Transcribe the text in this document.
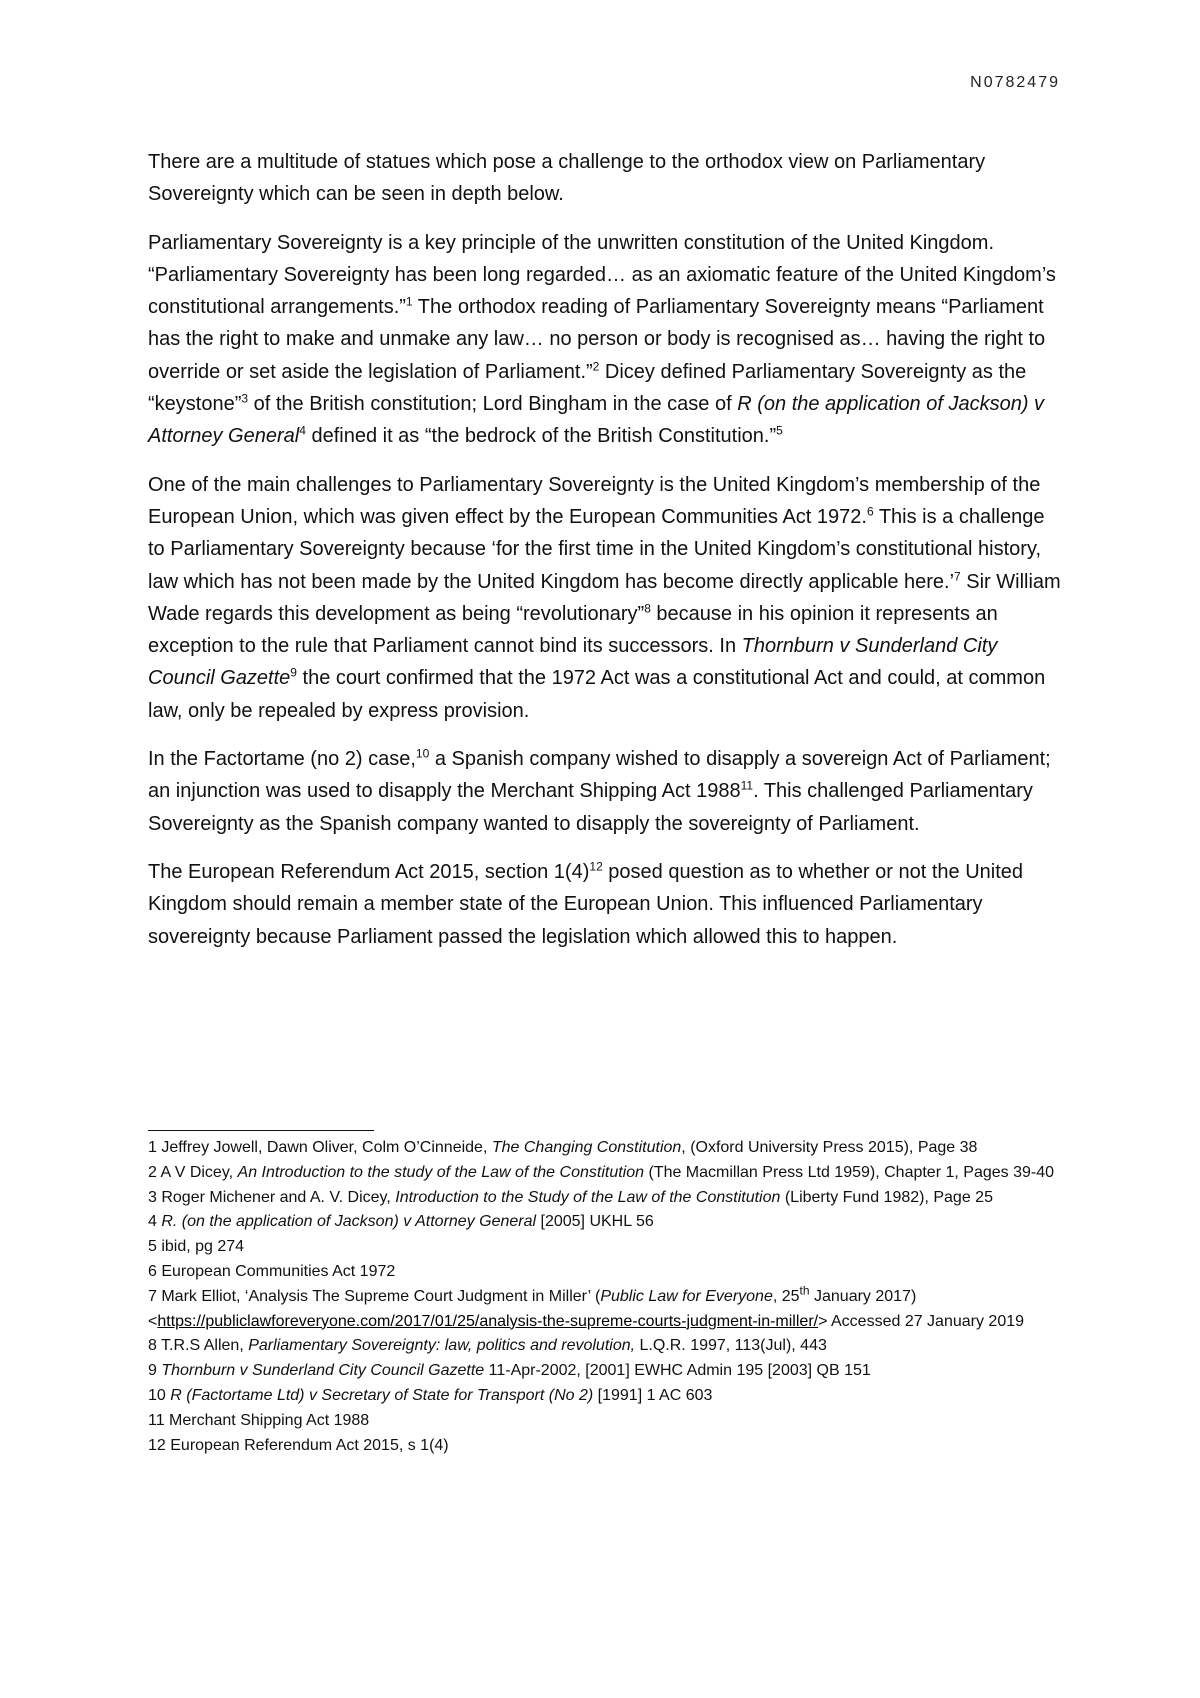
N0782479

There are a multitude of statues which pose a challenge to the orthodox view on Parliamentary Sovereignty which can be seen in depth below.

Parliamentary Sovereignty is a key principle of the unwritten constitution of the United Kingdom. “Parliamentary Sovereignty has been long regarded… as an axiomatic feature of the United Kingdom’s constitutional arrangements.”$^1$ The orthodox reading of Parliamentary Sovereignty means “Parliament has the right to make and unmake any law… no person or body is recognised as… having the right to override or set aside the legislation of Parliament.”$^2$ Dicey defined Parliamentary Sovereignty as the “keystone”$^3$ of the British constitution; Lord Bingham in the case of R (on the application of Jackson) v Attorney General$^4$ defined it as “the bedrock of the British Constitution.”$^5$

One of the main challenges to Parliamentary Sovereignty is the United Kingdom’s membership of the European Union, which was given effect by the European Communities Act 1972.$^6$ This is a challenge to Parliamentary Sovereignty because ‘for the first time in the United Kingdom’s constitutional history, law which has not been made by the United Kingdom has become directly applicable here.’$^7$ Sir William Wade regards this development as being “revolutionary”$^8$ because in his opinion it represents an exception to the rule that Parliament cannot bind its successors. In Thornburn v Sunderland City Council Gazette$^9$ the court confirmed that the 1972 Act was a constitutional Act and could, at common law, only be repealed by express provision.

In the Factortame (no 2) case,$^{10}$ a Spanish company wished to disapply a sovereign Act of Parliament; an injunction was used to disapply the Merchant Shipping Act 1988$^{11}$. This challenged Parliamentary Sovereignty as the Spanish company wanted to disapply the sovereignty of Parliament.

The European Referendum Act 2015, section $1(4)^{12}$ posed question as to whether or not the United Kingdom should remain a member state of the European Union. This influenced Parliamentary sovereignty because Parliament passed the legislation which allowed this to happen.

1 Jeffrey Jowell, Dawn Oliver, Colm O’Cinneide, The Changing Constitution, (Oxford University Press 2015), Page 38

2 A V Dicey, An Introduction to the study of the Law of the Constitution (The Macmillan Press Ltd 1959), Chapter 1, Pages 39-40

3 Roger Michener and A. V. Dicey, Introduction to the Study of the Law of the Constitution (Liberty Fund 1982), Page 25

4 R. (on the application of Jackson) v Attorney General [2005] UKHL 56

5 ibid, pg 274

6 European Communities Act 1972

7 Mark Elliot, ‘Analysis The Supreme Court Judgment in Miller’ (Public Law for Everyone, 25th January 2017) <https://publiclawforeveryone.com/2017/01/25/analysis-the-supreme-courts-judgment-in-miller/> Accessed 27 January 2019

8 T.R.S Allen, Parliamentary Sovereignty: law, politics and revolution, L.Q.R. 1997, 113(Jul), 443

9 Thornburn v Sunderland City Council Gazette 11-Apr-2002, [2001] EWHC Admin 195 [2003] QB 151

10 R (Factortame Ltd) v Secretary of State for Transport (No 2) [1991] 1 AC 603

11 Merchant Shipping Act 1988

12 European Referendum Act 2015, s 1(4)
